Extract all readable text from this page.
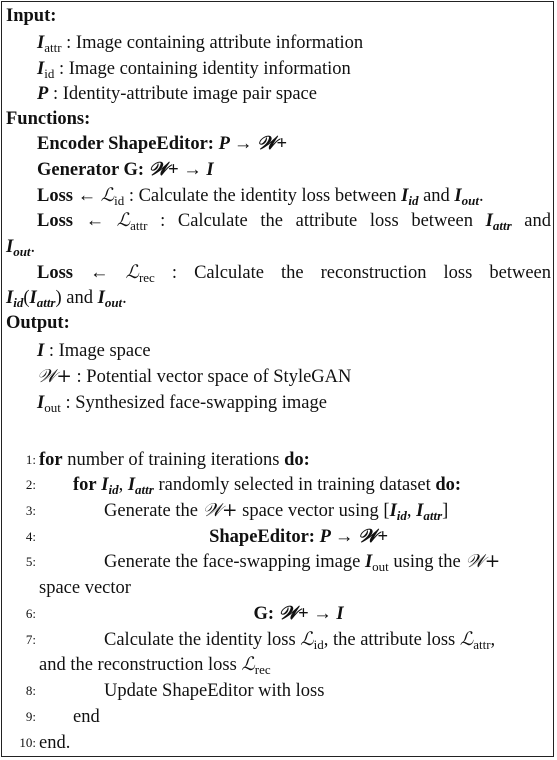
Input:
$I_{attr}$ : Image containing attribute information
$I_{id}$ : Image containing identity information
P : Identity-attribute image pair space
Functions:
Encoder ShapeEditor: P → 𝒲+
Generator G: 𝒲+ → I
Loss ← ℒ$_{id}$ : Calculate the identity loss between $I_{id}$ and $I_{out}$.
Loss ← ℒ$_{attr}$ : Calculate the attribute loss between $I_{attr}$ and
$I_{out}$.
Loss ← ℒ$_{rec}$ : Calculate the reconstruction loss between
$I_{id}(I_{attr})$ and $I_{out}$.
Output:
I : Image space
𝒲+ : Potential vector space of StyleGAN
$I_{out}$ : Synthesized face-swapping image
1: for number of training iterations do:
2: for $I_{id}$, $I_{attr}$ randomly selected in training dataset do:
3:	Generate the 𝒲+ space vector using [$I_{id}$, $I_{attr}$]
4:	ShapeEditor: P → 𝒲+
5:	Generate the face-swapping image $I_{out}$ using the 𝒲+
space vector
6:	G: 𝒲+ → I
7:	Calculate the identity loss ℒ$_{id}$, the attribute loss ℒ$_{attr}$,
and the reconstruction loss ℒ$_{rec}$
8:	Update ShapeEditor with loss
9: end
10: end.
